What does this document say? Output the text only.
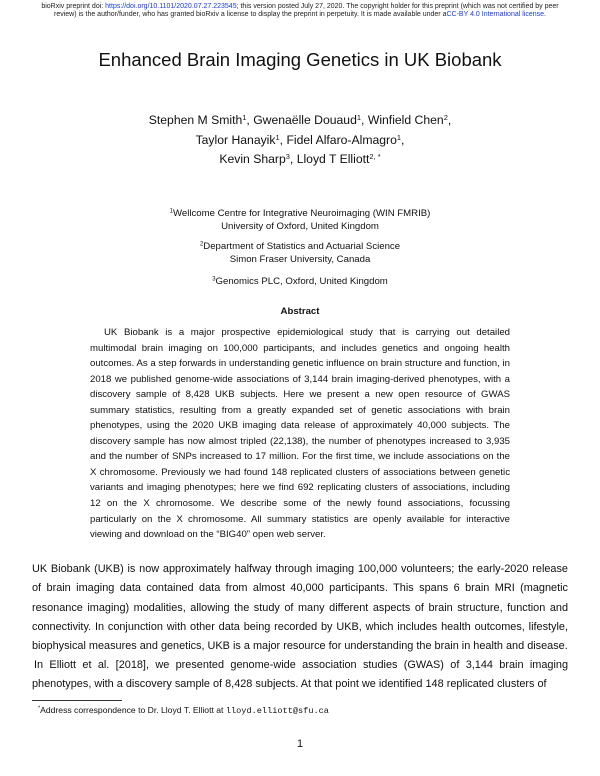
bioRxiv preprint doi: https://doi.org/10.1101/2020.07.27.223545; this version posted July 27, 2020. The copyright holder for this preprint (which was not certified by peer review) is the author/funder, who has granted bioRxiv a license to display the preprint in perpetuity. It is made available under aCC-BY 4.0 International license.
Enhanced Brain Imaging Genetics in UK Biobank
Stephen M Smith$^1$, Gwenaëlle Douaud$^1$, Winfield Chen$^2$,
Taylor Hanayik$^1$, Fidel Alfaro-Almagro$^1$,
Kevin Sharp$^3$, Lloyd T Elliott$^{2, *}$
$^1$Wellcome Centre for Integrative Neuroimaging (WIN FMRIB)
University of Oxford, United Kingdom
$^2$Department of Statistics and Actuarial Science
Simon Fraser University, Canada
$^3$Genomics PLC, Oxford, United Kingdom
Abstract

UK Biobank is a major prospective epidemiological study that is carrying out detailed multimodal brain imaging on 100,000 participants, and includes genetics and ongoing health outcomes. As a step forwards in understanding genetic influence on brain structure and function, in 2018 we published genome-wide associations of 3,144 brain imaging-derived phenotypes, with a discovery sample of 8,428 UKB subjects. Here we present a new open resource of GWAS summary statistics, resulting from a greatly expanded set of genetic associations with brain phenotypes, using the 2020 UKB imaging data release of approximately 40,000 subjects. The discovery sample has now almost tripled (22,138), the number of phenotypes increased to 3,935 and the number of SNPs increased to 17 million. For the first time, we include associations on the X chromosome. Previously we had found 148 replicated clusters of associations between genetic variants and imaging phenotypes; here we find 692 replicating clusters of associations, including 12 on the X chromosome. We describe some of the newly found associations, focussing particularly on the X chromosome. All summary statistics are openly available for interactive viewing and download on the “BIG40” open web server.

UK Biobank (UKB) is now approximately halfway through imaging 100,000 volunteers; the early-2020 release of brain imaging data contained data from almost 40,000 participants. This spans 6 brain MRI (magnetic resonance imaging) modalities, allowing the study of many different aspects of brain structure, function and connectivity. In conjunction with other data being recorded by UKB, which includes health outcomes, lifestyle, biophysical measures and genetics, UKB is a major resource for understanding the brain in health and disease.

In Elliott et al. [2018], we presented genome-wide association studies (GWAS) of 3,144 brain imaging phenotypes, with a discovery sample of 8,428 subjects. At that point we identified 148 replicated clusters of

*Address correspondence to Dr. Lloyd T. Elliott at lloyd.elliott@sfu.ca
1
